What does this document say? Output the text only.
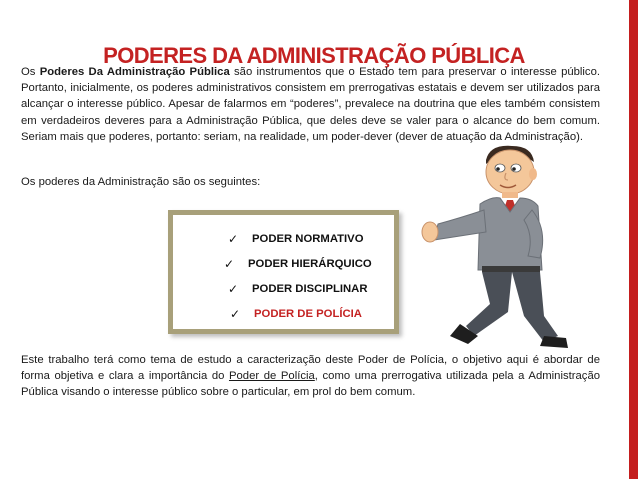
PODERES DA ADMINISTRAÇÃO PÚBLICA

Os Poderes Da Administração Pública são instrumentos que o Estado tem para preservar o interesse público. Portanto, inicialmente, os poderes administrativos consistem em prerrogativas estatais e devem ser utilizados para alcançar o interesse público. Apesar de falarmos em “poderes”, prevalece na doutrina que eles também consistem em verdadeiros deveres para a Administração Pública, que deles deve se valer para o alcance do bem comum. Seriam mais que poderes, portanto: seriam, na realidade, um poder-dever (dever de atuação da Administração).

Os poderes da Administração são os seguintes:

✓	PODER NORMATIVO
✓	PODER HIERÁRQUICO
✓	PODER DISCIPLINAR
✓	PODER DE POLÍCIA

Este trabalho terá como tema de estudo a caracterização deste Poder de Polícia, o objetivo aqui é abordar de forma objetiva e clara a importância do Poder de Polícia, como uma prerrogativa utilizada pela a Administração Pública visando o interesse público sobre o particular, em prol do bem comum.
